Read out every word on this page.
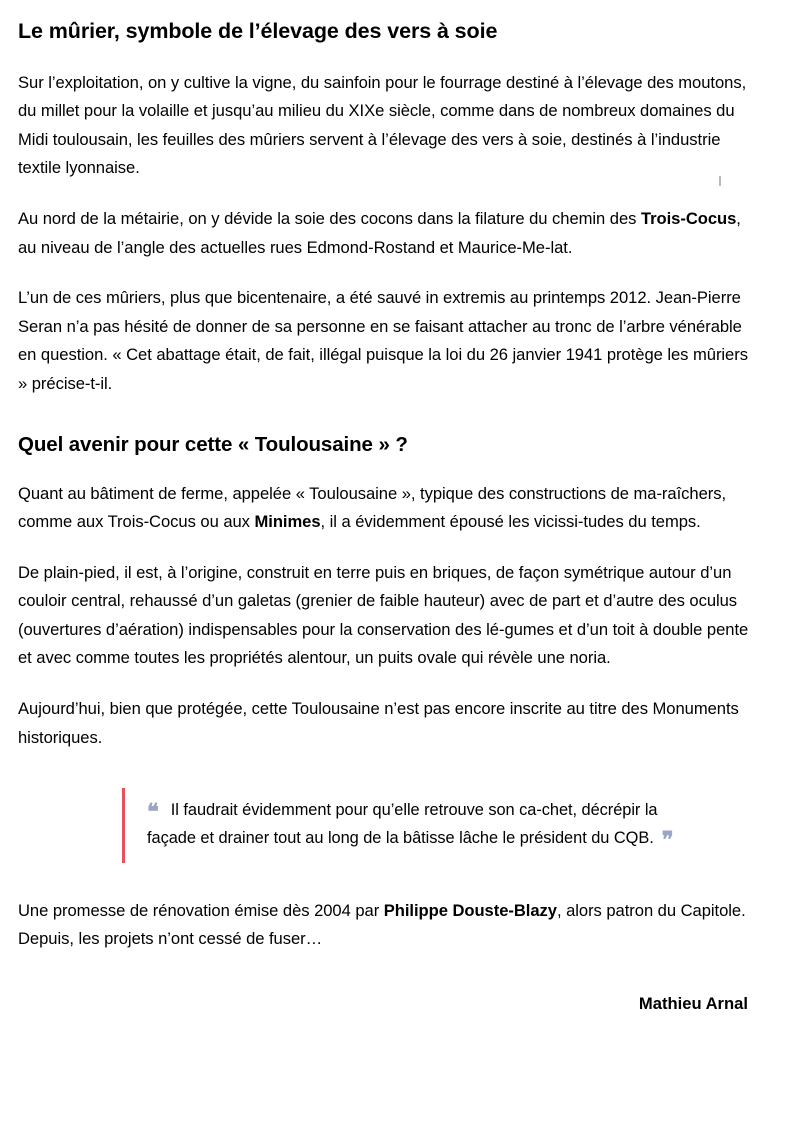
Le mûrier, symbole de l’élevage des vers à soie

Sur l’exploitation, on y cultive la vigne, du sainfoin pour le fourrage destiné à l’élevage des moutons, du millet pour la volaille et jusqu’au milieu du XIXe siècle, comme dans de nombreux domaines du Midi toulousain, les feuilles des mûriers servent à l’élevage des vers à soie, destinés à l’industrie textile lyonnaise.

Au nord de la métairie, on y dévide la soie des cocons dans la filature du chemin des Trois-Cocus, au niveau de l’angle des actuelles rues Edmond-Rostand et Maurice-Me-lat.

L’un de ces mûriers, plus que bicentenaire, a été sauvé in extremis au printemps 2012. Jean-Pierre Seran n’a pas hésité de donner de sa personne en se faisant attacher au tronc de l’arbre vénérable en question. « Cet abattage était, de fait, illégal puisque la loi du 26 janvier 1941 protège les mûriers » précise-t-il.

Quel avenir pour cette « Toulousaine » ?

Quant au bâtiment de ferme, appelée « Toulousaine », typique des constructions de ma-raîchers, comme aux Trois-Cocus ou aux Minimes, il a évidemment épousé les vicissi-tudes du temps.

De plain-pied, il est, à l’origine, construit en terre puis en briques, de façon symétrique autour d’un couloir central, rehaussé d’un galetas (grenier de faible hauteur) avec de part et d’autre des oculus (ouvertures d’aération) indispensables pour la conservation des lé-gumes et d’un toit à double pente et avec comme toutes les propriétés alentour, un puits ovale qui révèle une noria.

Aujourd’hui, bien que protégée, cette Toulousaine n’est pas encore inscrite au titre des Monuments historiques.

❝ Il faudrait évidemment pour qu’elle retrouve son ca-chet, décrépir la façade et drainer tout au long de la bâtisse lâche le président du CQB. ❞

Une promesse de rénovation émise dès 2004 par Philippe Douste-Blazy, alors patron du Capitole. Depuis, les projets n’ont cessé de fuser…

Mathieu Arnal
